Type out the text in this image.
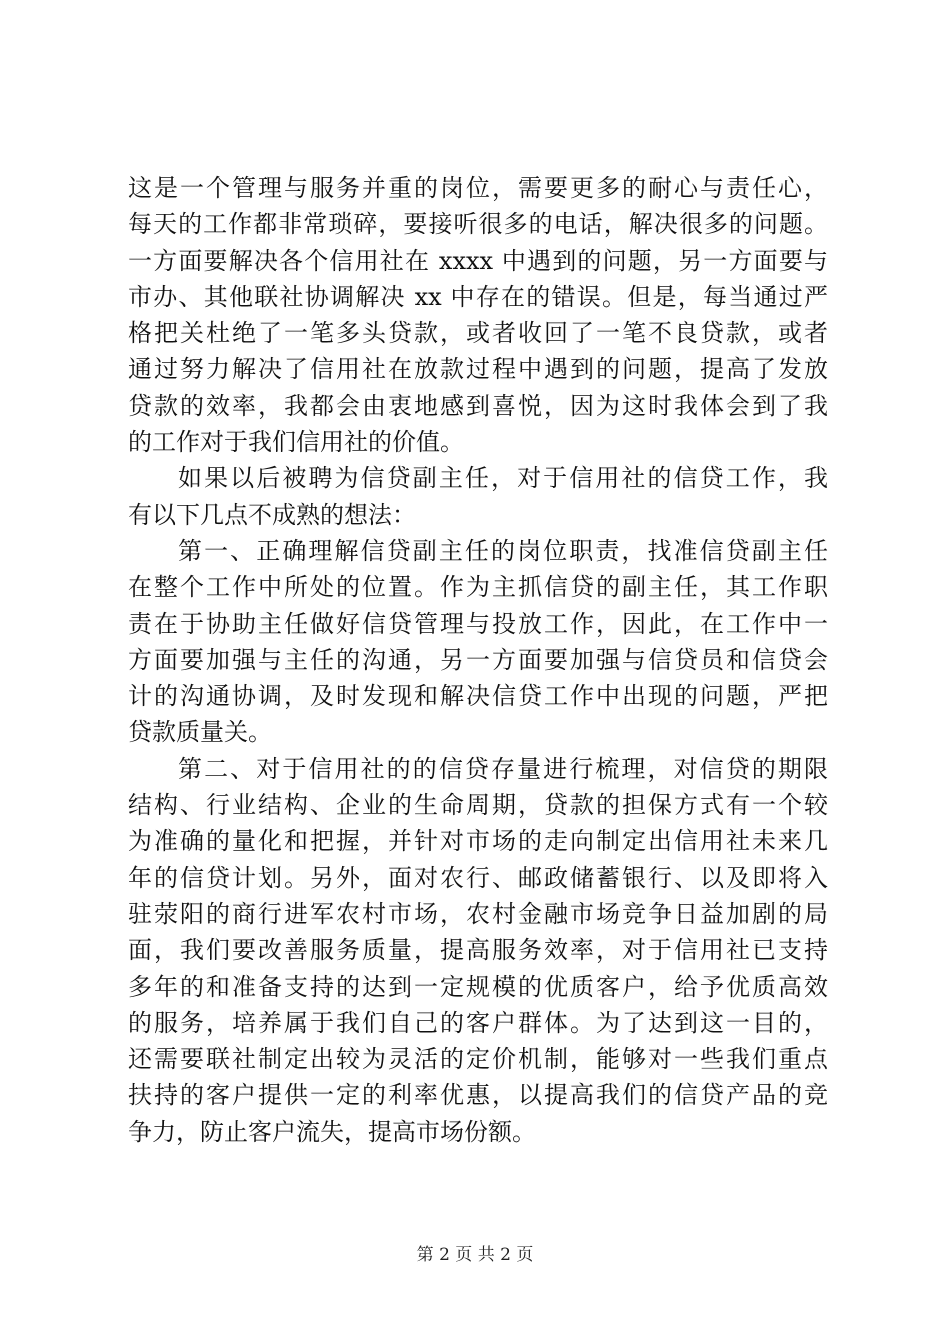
这是一个管理与服务并重的岗位，需要更多的耐心与责任心，
每天的工作都非常琐碎，要接听很多的电话，解决很多的问题。
一方面要解决各个信用社在 xxxx 中遇到的问题，另一方面要与
市办、其他联社协调解决 xx 中存在的错误。但是，每当通过严
格把关杜绝了一笔多头贷款，或者收回了一笔不良贷款，或者
通过努力解决了信用社在放款过程中遇到的问题，提高了发放
贷款的效率，我都会由衷地感到喜悦，因为这时我体会到了我
的工作对于我们信用社的价值。
如果以后被聘为信贷副主任，对于信用社的信贷工作，我
有以下几点不成熟的想法：
第一、正确理解信贷副主任的岗位职责，找准信贷副主任
在整个工作中所处的位置。作为主抓信贷的副主任，其工作职
责在于协助主任做好信贷管理与投放工作，因此，在工作中一
方面要加强与主任的沟通，另一方面要加强与信贷员和信贷会
计的沟通协调，及时发现和解决信贷工作中出现的问题，严把
贷款质量关。
第二、对于信用社的的信贷存量进行梳理，对信贷的期限
结构、行业结构、企业的生命周期，贷款的担保方式有一个较
为准确的量化和把握，并针对市场的走向制定出信用社未来几
年的信贷计划。另外，面对农行、邮政储蓄银行、以及即将入
驻荥阳的商行进军农村市场，农村金融市场竞争日益加剧的局
面，我们要改善服务质量，提高服务效率，对于信用社已支持
多年的和准备支持的达到一定规模的优质客户，给予优质高效
的服务，培养属于我们自己的客户群体。为了达到这一目的，
还需要联社制定出较为灵活的定价机制，能够对一些我们重点
扶持的客户提供一定的利率优惠，以提高我们的信贷产品的竞
争力，防止客户流失，提高市场份额。
第 2 页 共 2 页
